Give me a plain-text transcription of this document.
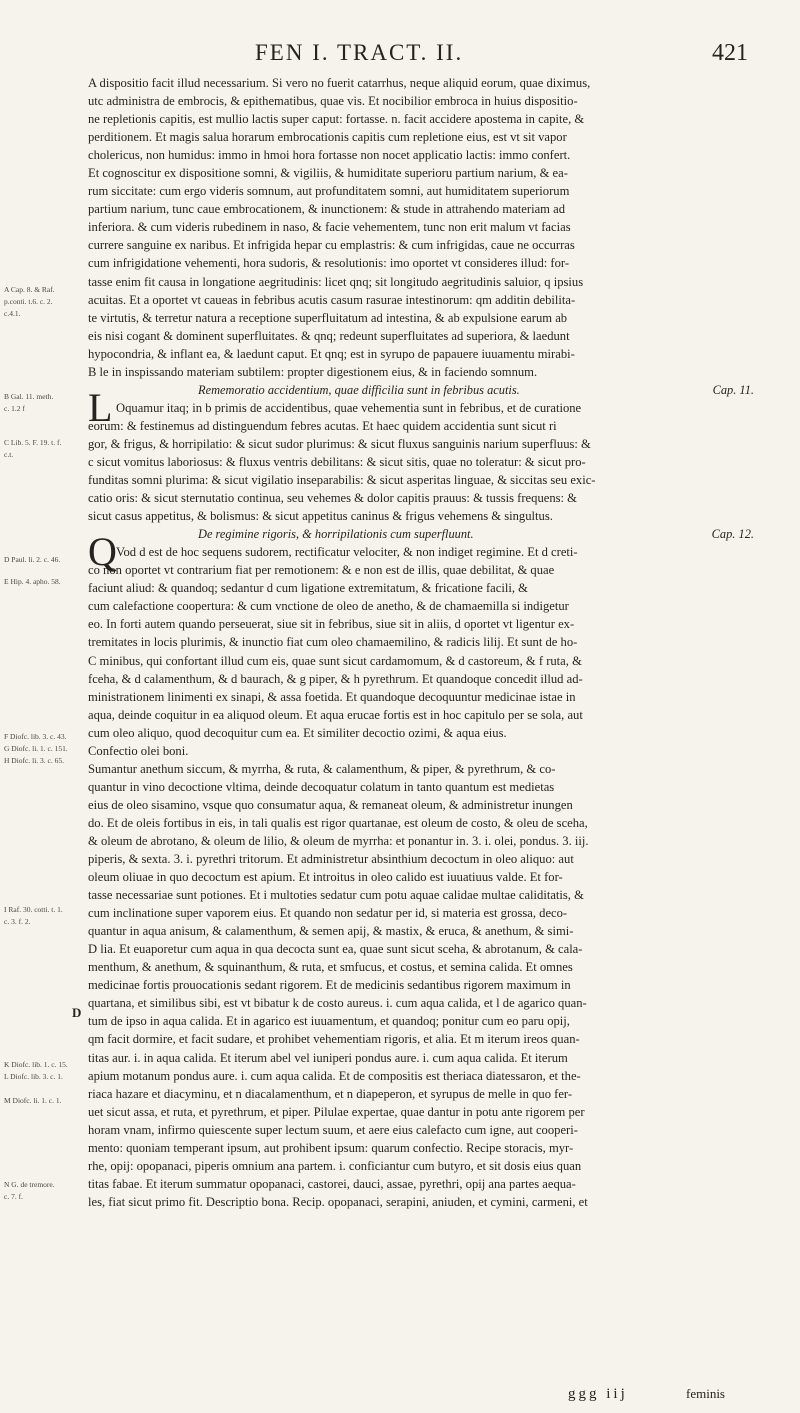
FEN I. TRACT. II.	421
D
A Cap. 8. & Raf.
p.conti. t.6. c. 2.
c.4.1.
B Gal. 11. meth.
c. 1.2 f
C Lib. 5. F. 19. t. f.
c.t.
D Paul. li. 2. c. 46.
E Hip. 4. apho. 58.
F Diofc. lib. 3. c. 43.
G Diofc. li. 1. c. 151.
H Diofc. li. 3. c. 65.
I Raf. 30. cotti. t. 1.
c. 3. f. 2.
K Diofc. lib. 1. c. 15.
L Diofc. lib. 3. c. 1.
M Diofc. li. 1. c. 1.
N G. de tremore.
c. 7. f.
A dispositio facit illud necessarium. Si vero no fuerit catarrhus, neque aliquid eorum, quae diximus,
utc administra de embrocis, & epithematibus, quae vis. Et nocibilior embroca in huius dispositio-
ne repletionis capitis, est mullio lactis super caput: fortasse. n. facit accidere apostema in capite, &
perditionem. Et magis salua horarum embrocationis capitis cum repletione eius, est vt sit vapor
cholericus, non humidus: immo in hmoi hora fortasse non nocet applicatio lactis: immo confert.
Et cognoscitur ex dispositione somni, & vigiliis, & humiditate superioru partium narium, & ea-
rum siccitate: cum ergo videris somnum, aut profunditatem somni, aut humiditatem superiorum
partium narium, tunc caue embrocationem, & inunctionem: & stude in attrahendo materiam ad
inferiora. & cum videris rubedinem in naso, & facie vehementem, tunc non erit malum vt facias
currere sanguine ex naribus. Et infrigida hepar cu emplastris: & cum infrigidas, caue ne occurras
cum infrigidatione vehementi, hora sudoris, & resolutionis: imo oportet vt consideres illud: for-
tasse enim fit causa in longatione aegritudinis: licet qnq; sit longitudo aegritudinis saluior, q ipsius
acuitas. Et a oportet vt caueas in febribus acutis casum rasurae intestinorum: qm additin debilita-
te virtutis, & terretur natura a receptione superfluitatum ad intestina, & ab expulsione earum ab
eis nisi cogant & dominent superfluitates. & qnq; redeunt superfluitates ad superiora, & laedunt
hypocondria, & inflant ea, & laedunt caput. Et qnq; est in syrupo de papauere iuuamentu mirabi-
B le in inspissando materiam subtilem: propter digestionem eius, & in faciendo somnum.
Rememoratio accidentium, quae difficilia sunt in febribus acutis.	Cap. 11.
L Oquamur itaq; in b primis de accidentibus, quae vehementia sunt in febribus, et de curatione
eorum: & festinemus ad distinguendum febres acutas. Et haec quidem accidentia sunt sicut ri
gor, & frigus, & horripilatio: & sicut sudor plurimus: & sicut fluxus sanguinis narium superfluus: &
c sicut vomitus laboriosus: & fluxus ventris debilitans: & sicut sitis, quae no toleratur: & sicut pro-
funditas somni plurima: & sicut vigilatio inseparabilis: & sicut asperitas linguae, & siccitas seu exic-
catio oris: & sicut sternutatio continua, seu vehemes & dolor capitis prauus: & tussis frequens: &
sicut casus appetitus, & bolismus: & sicut appetitus caninus & frigus vehemens & singultus.
De regimine rigoris, & horripilationis cum superfluunt.	Cap. 12.
QVod d est de hoc sequens sudorem, rectificatur velociter, & non indiget regimine. Et d creti-
co non oportet vt contrarium fiat per remotionem: & e non est de illis, quae debilitat, & quae
faciunt aliud: & quandoq; sedantur d cum ligatione extremitatum, & fricatione facili, &
cum calefactione coopertura: & cum vnctione de oleo de anetho, & de chamaemilla si indigetur
eo. In forti autem quando perseuerat, siue sit in febribus, siue sit in aliis, d oportet vt ligentur ex-
tremitates in locis plurimis, & inunctio fiat cum oleo chamaemilino, & radicis lilij. Et sunt de ho-
C minibus, qui confortant illud cum eis, quae sunt sicut cardamomum, & d castoreum, & f ruta, &
fceha, & d calamenthum, & d baurach, & g piper, & h pyrethrum. Et quandoque concedit illud ad-
ministrationem linimenti ex sinapi, & assa foetida. Et quandoque decoquuntur medicinae istae in
aqua, deinde coquitur in ea aliquod oleum. Et aqua erucae fortis est in hoc capitulo per se sola, aut
cum oleo aliquo, quod decoquitur cum ea. Et similiter decoctio ozimi, & aqua eius.
Confectio olei boni.
Sumantur anethum siccum, & myrrha, & ruta, & calamenthum, & piper, & pyrethrum, & co-
quantur in vino decoctione vltima, deinde decoquatur colatum in tanto quantum est medietas
eius de oleo sisamino, vsque quo consumatur aqua, & remaneat oleum, & administretur inungen
do. Et de oleis fortibus in eis, in tali qualis est rigor quartanae, est oleum de costo, & oleu de sceha,
& oleum de abrotano, & oleum de lilio, & oleum de myrrha: et ponantur in. 3. i. olei, pondus. 3. iij.
piperis, & sexta. 3. i. pyrethri tritorum. Et administretur absinthium decoctum in oleo aliquo: aut
oleum oliuae in quo decoctum est apium. Et introitus in oleo calido est iuuatiuus valde. Et for-
tasse necessariae sunt potiones. Et i multoties sedatur cum potu aquae calidae multae caliditatis, &
cum inclinatione super vaporem eius. Et quando non sedatur per id, si materia est grossa, deco-
quantur in aqua anisum, & calamenthum, & semen apij, & mastix, & eruca, & anethum, & simi-
D lia. Et euaporetur cum aqua in qua decocta sunt ea, quae sunt sicut sceha, & abrotanum, & cala-
menthum, & anethum, & squinanthum, & ruta, et smfucus, et costus, et semina calida. Et omnes
medicinae fortis prouocationis sedant rigorem. Et de medicinis sedantibus rigorem maximum in
quartana, et similibus sibi, est vt bibatur k de costo aureus. i. cum aqua calida, et l de agarico quan-
tum de ipso in aqua calida. Et in agarico est iuuamentum, et quandoq; ponitur cum eo paru opij,
qm facit dormire, et facit sudare, et prohibet vehementiam rigoris, et alia. Et m iterum ireos quan-
titas aur. i. in aqua calida. Et iterum abel vel iuniperi pondus aure. i. cum aqua calida. Et iterum
apium motanum pondus aure. i. cum aqua calida. Et de compositis est theriaca diatessaron, et the-
riaca hazare et diacyminu, et n diacalamenthum, et n diapeperon, et syrupus de melle in quo fer-
uet sicut assa, et ruta, et pyrethrum, et piper. Pilulae expertae, quae dantur in potu ante rigorem per
horam vnam, infirmo quiescente super lectum suum, et aere eius calefacto cum igne, aut cooperi-
mento: quoniam temperant ipsum, aut prohibent ipsum: quarum confectio. Recipe storacis, myr-
rhe, opij: opopanaci, piperis omnium ana partem. i. conficiantur cum butyro, et sit dosis eius quan
titas fabae. Et iterum summatur opopanaci, castorei, dauci, assae, pyrethri, opij ana partes aequa-
les, fiat sicut primo fit. Descriptio bona. Recip. opopanaci, serapini, aniuden, et cymini, carmeni, et
ggg iij	feminis
